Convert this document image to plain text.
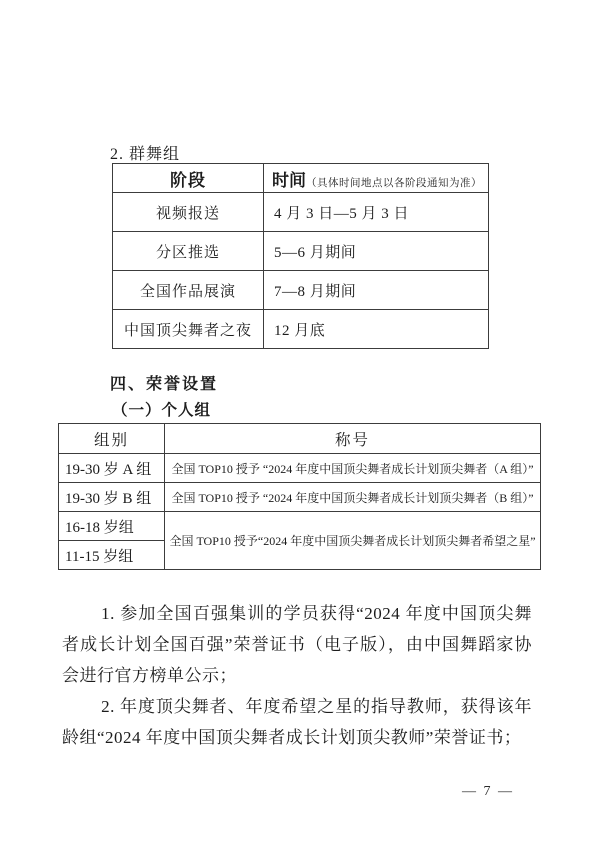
2. 群舞组
阶段	时间（具体时间地点以各阶段通知为准）
视频报送	4 月 3 日—5 月 3 日
分区推选	5—6 月期间
全国作品展演	7—8 月期间
中国顶尖舞者之夜	12 月底
四、荣誉设置
（一）个人组
组别	称号
19-30 岁 A 组	全国 TOP10 授予 “2024 年度中国顶尖舞者成长计划顶尖舞者（A 组）”
19-30 岁 B 组	全国 TOP10 授予 “2024 年度中国顶尖舞者成长计划顶尖舞者（B 组）”
16-18 岁组	全国 TOP10 授予“2024 年度中国顶尖舞者成长计划顶尖舞者希望之星”
11-15 岁组	

1. 参加全国百强集训的学员获得“2024 年度中国顶尖舞者成长计划全国百强”荣誉证书（电子版），由中国舞蹈家协会进行官方榜单公示；

2. 年度顶尖舞者、年度希望之星的指导教师，获得该年龄组“2024 年度中国顶尖舞者成长计划顶尖教师”荣誉证书；

— 7 —
